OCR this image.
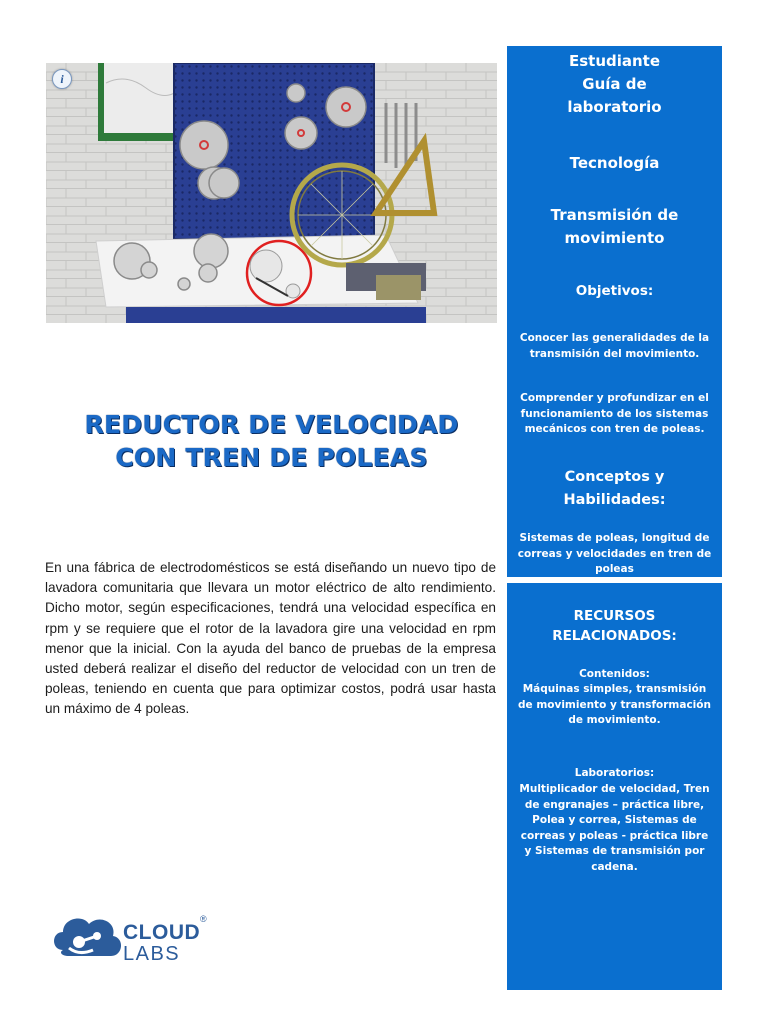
i
REDUCTOR DE VELOCIDAD
CON TREN DE POLEAS

En una fábrica de electrodomésticos se está diseñando un nuevo tipo de lavadora comunitaria que llevara un motor eléctrico de alto rendimiento. Dicho motor, según especificaciones, tendrá una velocidad específica en rpm y se requiere que el rotor de la lavadora gire una velocidad en rpm menor que la inicial. Con la ayuda del banco de pruebas de la empresa usted deberá realizar el diseño del reductor de velocidad con un tren de poleas, teniendo en cuenta que para optimizar costos, podrá usar hasta un máximo de 4 poleas.

CLOUD
LABS
®
Estudiante
Guía de
laboratorio
Tecnología
Transmisión de
movimiento
Objetivos:
Conocer las generalidades de la transmisión del movimiento.
Comprender y profundizar en el funcionamiento de los sistemas mecánicos con tren de poleas.
Conceptos y
Habilidades:
Sistemas de poleas, longitud de correas y velocidades en tren de poleas
RECURSOS
RELACIONADOS:
Contenidos:
Máquinas simples, transmisión de movimiento y transformación de movimiento.
Laboratorios:
Multiplicador de velocidad, Tren de engranajes – práctica libre, Polea y correa, Sistemas de correas y poleas - práctica libre y Sistemas de transmisión por cadena.
